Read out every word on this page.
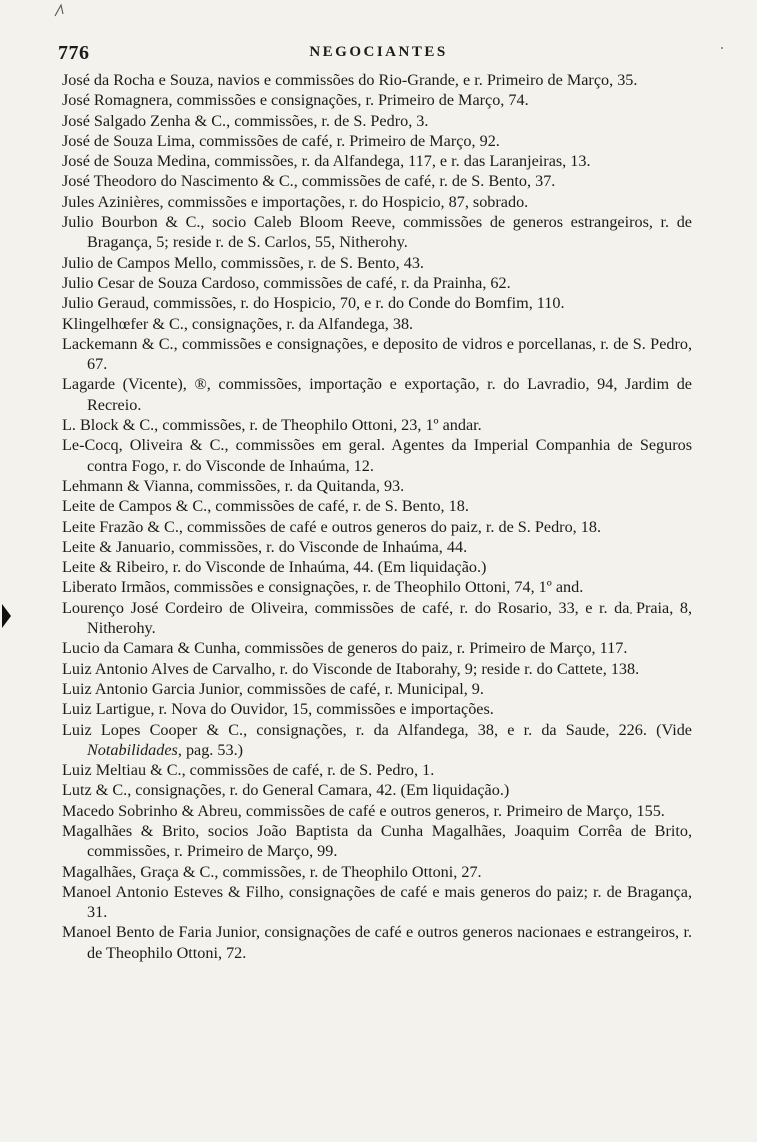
776	NEGOCIANTES

José da Rocha e Souza, navios e commissões do Rio-Grande, e r. Primeiro de Março, 35.

José Romagnera, commissões e consignações, r. Primeiro de Março, 74.

José Salgado Zenha & C., commissões, r. de S. Pedro, 3.

José de Souza Lima, commissões de café, r. Primeiro de Março, 92.

José de Souza Medina, commissões, r. da Alfandega, 117, e r. das Laranjeiras, 13.

José Theodoro do Nascimento & C., commissões de café, r. de S. Bento, 37.

Jules Azinières, commissões e importações, r. do Hospicio, 87, sobrado.

Julio Bourbon & C., socio Caleb Bloom Reeve, commissões de generos estrangeiros, r. de Bragança, 5; reside r. de S. Carlos, 55, Nitherohy.

Julio de Campos Mello, commissões, r. de S. Bento, 43.

Julio Cesar de Souza Cardoso, commissões de café, r. da Prainha, 62.

Julio Geraud, commissões, r. do Hospicio, 70, e r. do Conde do Bomfim, 110.

Klingelhœfer & C., consignações, r. da Alfandega, 38.

Lackemann & C., commissões e consignações, e deposito de vidros e porcellanas, r. de S. Pedro, 67.

Lagarde (Vicente), ®, commissões, importação e exportação, r. do Lavradio, 94, Jardim de Recreio.

L. Block & C., commissões, r. de Theophilo Ottoni, 23, 1º andar.

Le-Cocq, Oliveira & C., commissões em geral. Agentes da Imperial Companhia de Seguros contra Fogo, r. do Visconde de Inhaúma, 12.

Lehmann & Vianna, commissões, r. da Quitanda, 93.

Leite de Campos & C., commissões de café, r. de S. Bento, 18.

Leite Frazão & C., commissões de café e outros generos do paiz, r. de S. Pedro, 18.

Leite & Januario, commissões, r. do Visconde de Inhaúma, 44.

Leite & Ribeiro, r. do Visconde de Inhaúma, 44. (Em liquidação.)

Liberato Irmãos, commissões e consignações, r. de Theophilo Ottoni, 74, 1º and.

Lourenço José Cordeiro de Oliveira, commissões de café, r. do Rosario, 33, e r. da Praia, 8, Nitherohy.

Lucio da Camara & Cunha, commissões de generos do paiz, r. Primeiro de Março, 117.

Luiz Antonio Alves de Carvalho, r. do Visconde de Itaborahy, 9; reside r. do Cattete, 138.

Luiz Antonio Garcia Junior, commissões de café, r. Municipal, 9.

Luiz Lartigue, r. Nova do Ouvidor, 15, commissões e importações.

Luiz Lopes Cooper & C., consignações, r. da Alfandega, 38, e r. da Saude, 226. (Vide Notabilidades, pag. 53.)

Luiz Meltiau & C., commissões de café, r. de S. Pedro, 1.

Lutz & C., consignações, r. do General Camara, 42. (Em liquidação.)

Macedo Sobrinho & Abreu, commissões de café e outros generos, r. Primeiro de Março, 155.

Magalhães & Brito, socios João Baptista da Cunha Magalhães, Joaquim Corrêa de Brito, commissões, r. Primeiro de Março, 99.

Magalhães, Graça & C., commissões, r. de Theophilo Ottoni, 27.

Manoel Antonio Esteves & Filho, consignações de café e mais generos do paiz; r. de Bragança, 31.

Manoel Bento de Faria Junior, consignações de café e outros generos nacionaes e estrangeiros, r. de Theophilo Ottoni, 72.
